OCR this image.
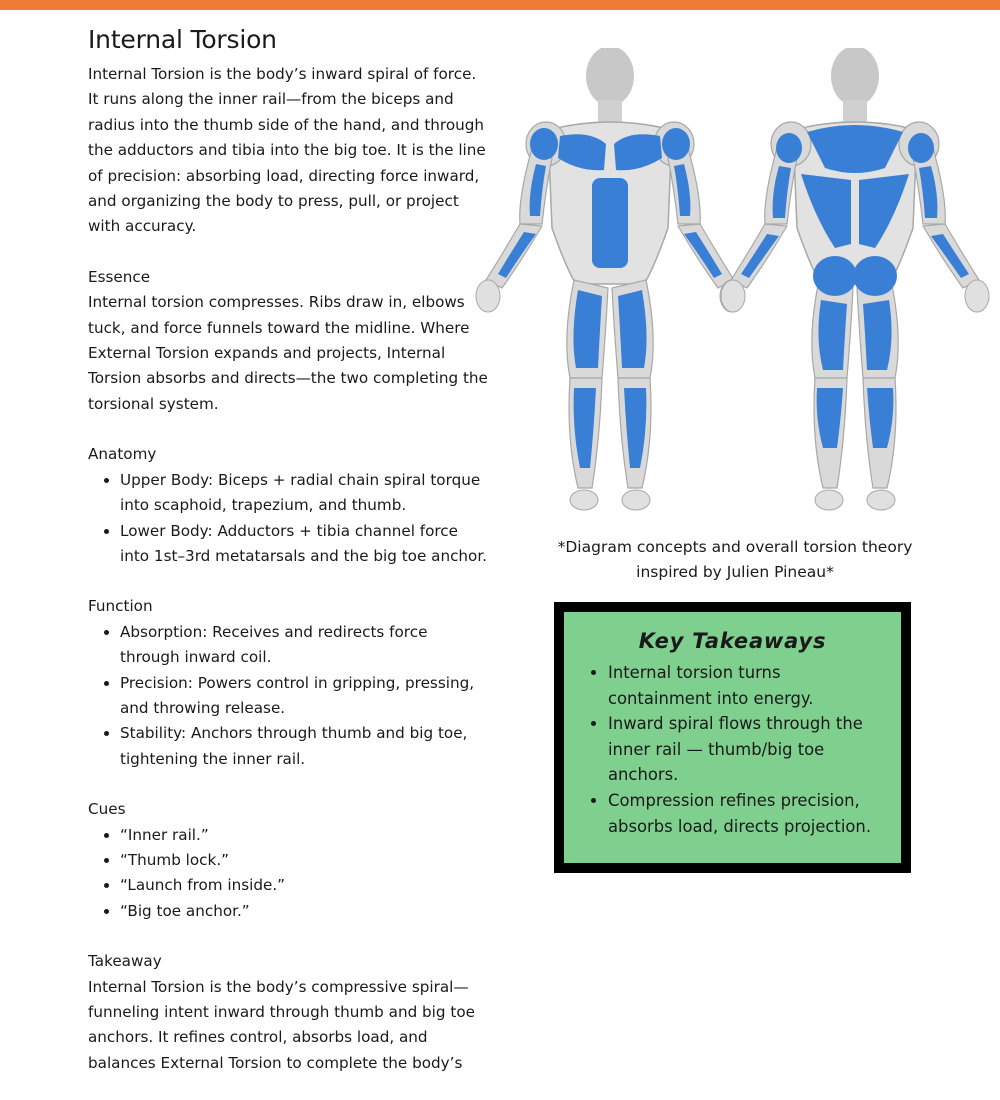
Internal Torsion

Internal Torsion is the body’s inward spiral of force. It runs along the inner rail—from the biceps and radius into the thumb side of the hand, and through the adductors and tibia into the big toe. It is the line of precision: absorbing load, directing force inward, and organizing the body to press, pull, or project with accuracy.

Essence

Internal torsion compresses. Ribs draw in, elbows tuck, and force funnels toward the midline. Where External Torsion expands and projects, Internal Torsion absorbs and directs—the two completing the torsional system.

Anatomy

• Upper Body: Biceps + radial chain spiral torque into scaphoid, trapezium, and thumb.
• Lower Body: Adductors + tibia channel force into 1st–3rd metatarsals and the big toe anchor.

Function

• Absorption: Receives and redirects force through inward coil.
• Precision: Powers control in gripping, pressing, and throwing release.
• Stability: Anchors through thumb and big toe, tightening the inner rail.

Cues

• “Inner rail.”
• “Thumb lock.”
• “Launch from inside.”
• “Big toe anchor.”

Takeaway

Internal Torsion is the body’s compressive spiral—funneling intent inward through thumb and big toe anchors. It refines control, absorbs load, and balances External Torsion to complete the body’s

*Diagram concepts and overall torsion theory inspired by Julien Pineau*
Key Takeaways
• Internal torsion turns containment into energy.
• Inward spiral flows through the inner rail — thumb/big toe anchors.
• Compression refines precision, absorbs load, directs projection.
